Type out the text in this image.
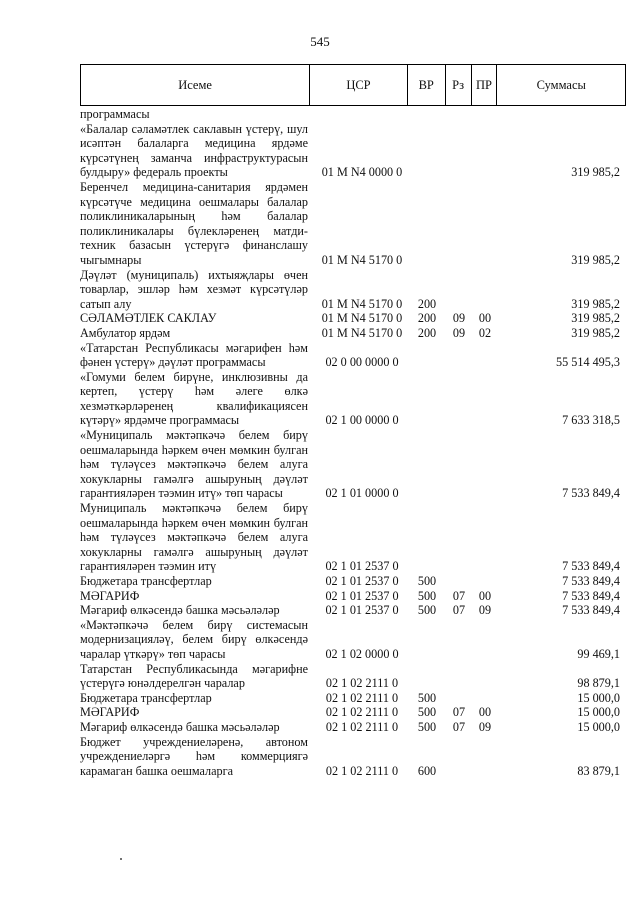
545
Исеме	ЦСР	ВР	Рз ПР	Суммасы
программасы
«Балалар сәламәтлек саклавын үстерү, шул исәптән балаларга медицина ярдәме күрсәтүнең заманча инфраструктурасын булдыру» федераль проекты	01 М N4 0000 0	319 985,2
Беренчел медицина-санитария ярдәмен күрсәтүче медицина оешмалары балалар поликлиникаларының һәм балалар поликлиникалары бүлекләренең матди-техник базасын үстерүгә финанслашу чыгымнары	01 М N4 5170 0	319 985,2
Дәүләт (муниципаль) ихтыяҗлары өчен товарлар, эшләр һәм хезмәт күрсәтүләр сатып алу	01 М N4 5170 0	200	319 985,2
СӘЛАМӘТЛЕК САКЛАУ	01 М N4 5170 0	200	09	00	319 985,2
Амбулатор ярдәм	01 М N4 5170 0	200	09	02	319 985,2
«Татарстан Республикасы мәгарифен һәм фәнен үстерү» дәүләт программасы	02 0 00 0000 0	55 514 495,3
«Гомуми белем бирүне, инклюзивны да кертеп, үстерү һәм әлеге өлкә хезмәткәрләренең квалификациясен күтәрү» ярдәмче программасы	02 1 00 0000 0	7 633 318,5
«Муниципаль мәктәпкәчә белем бирү оешмаларында һәркем өчен мөмкин булган һәм түләүсез мәктәпкәчә белем алуга хокукларны гамәлгә ашыруның дәүләт гарантияләрен тәэмин итү» төп чарасы	02 1 01 0000 0	7 533 849,4
Муниципаль мәктәпкәчә белем бирү оешмаларында һәркем өчен мөмкин булган һәм түләүсез мәктәпкәчә белем алуга хокукларны гамәлгә ашыруның дәүләт гарантияләрен тәэмин итү	02 1 01 2537 0	7 533 849,4
Бюджетара трансфертлар	02 1 01 2537 0	500	7 533 849,4
МӘГАРИФ	02 1 01 2537 0	500	07	00	7 533 849,4
Мәгариф өлкәсендә башка мәсьәләләр	02 1 01 2537 0	500	07	09	7 533 849,4
«Мәктәпкәчә белем бирү системасын модернизацияләү, белем бирү өлкәсендә чаралар үткәрү» төп чарасы	02 1 02 0000 0	99 469,1
Татарстан Республикасында мәгарифне үстерүгә юнәлдерелгән чаралар	02 1 02 2111 0	98 879,1
Бюджетара трансфертлар	02 1 02 2111 0	500	15 000,0
МӘГАРИФ	02 1 02 2111 0	500	07	00	15 000,0
Мәгариф өлкәсендә башка мәсьәләләр	02 1 02 2111 0	500	07	09	15 000,0
Бюджет учреждениеләренә, автоном учреждениеләргә һәм коммерциягә карамаган башка оешмаларга	02 1 02 2111 0	600	83 879,1
